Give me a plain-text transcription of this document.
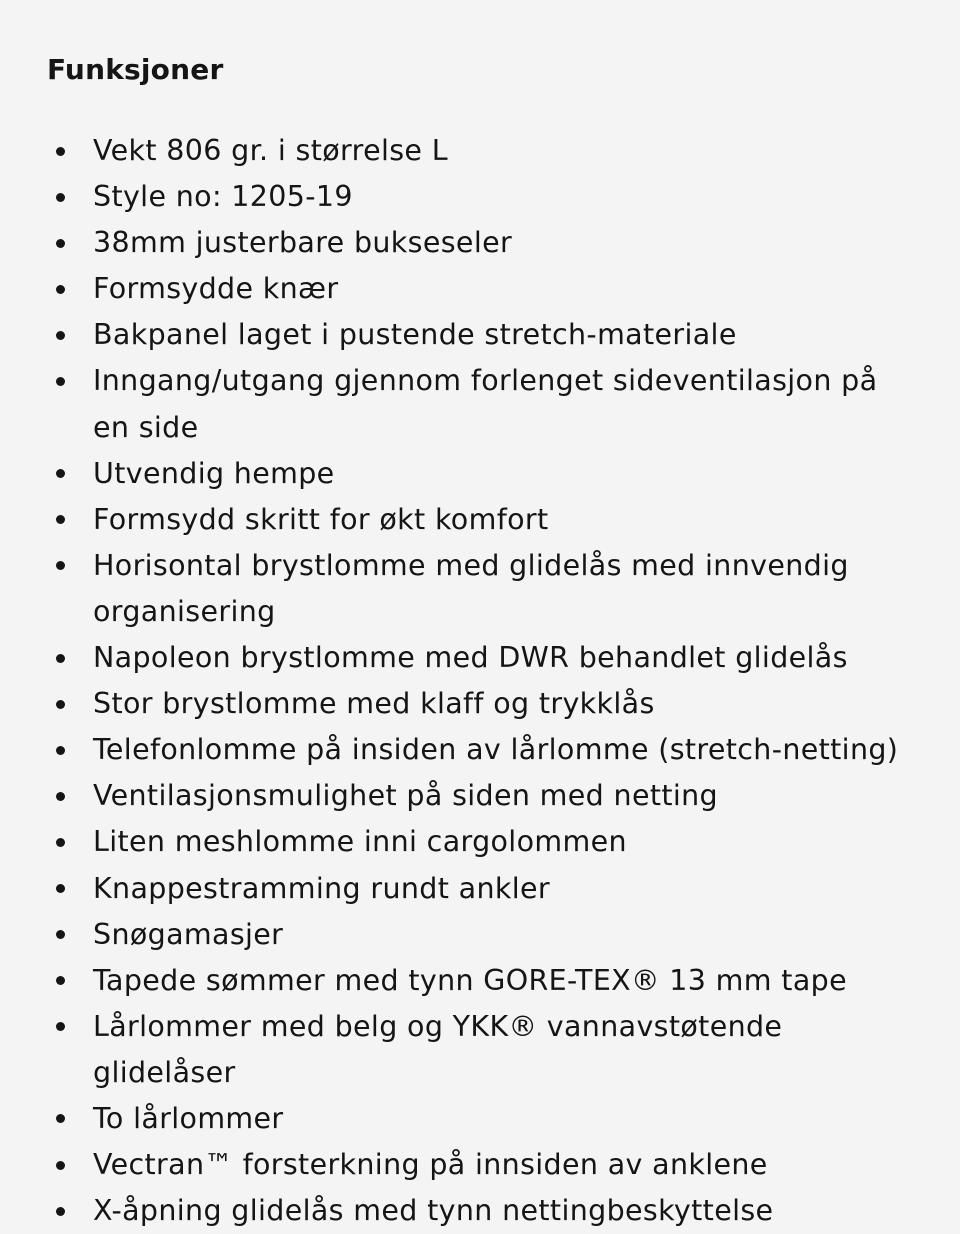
Funksjoner
Vekt 806 gr. i størrelse L
Style no: 1205-19
38mm justerbare bukseseler
Formsydde knær
Bakpanel laget i pustende stretch-materiale
Inngang/utgang gjennom forlenget sideventilasjon på en side
Utvendig hempe
Formsydd skritt for økt komfort
Horisontal brystlomme med glidelås med innvendig organisering
Napoleon brystlomme med DWR behandlet glidelås
Stor brystlomme med klaff og trykklås
Telefonlomme på insiden av lårlomme (stretch-netting)
Ventilasjonsmulighet på siden med netting
Liten meshlomme inni cargolommen
Knappestramming rundt ankler
Snøgamasjer
Tapede sømmer med tynn GORE-TEX® 13 mm tape
Lårlommer med belg og YKK® vannavstøtende glidelåser
To lårlommer
Vectran™ forsterkning på innsiden av anklene
X-åpning glidelås med tynn nettingbeskyttelse
